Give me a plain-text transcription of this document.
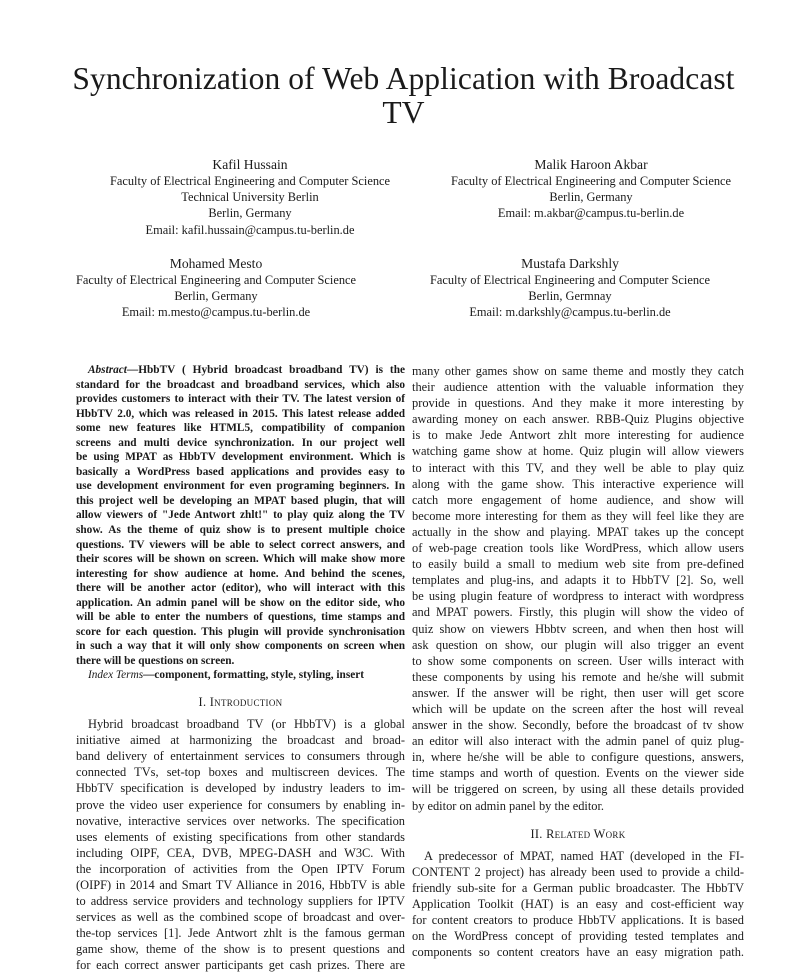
Synchronization of Web Application with Broadcast
TV
Kafil Hussain
Faculty of Electrical Engineering and Computer Science
Technical University Berlin
Berlin, Germany
Email: kafil.hussain@campus.tu-berlin.de
Malik Haroon Akbar
Faculty of Electrical Engineering and Computer Science
Berlin, Germany
Email: m.akbar@campus.tu-berlin.de
Mohamed Mesto
Faculty of Electrical Engineering and Computer Science
Berlin, Germany
Email: m.mesto@campus.tu-berlin.de
Mustafa Darkshly
Faculty of Electrical Engineering and Computer Science
Berlin, Germnay
Email: m.darkshly@campus.tu-berlin.de
Abstract—HbbTV ( Hybrid broadcast broadband TV) is the
standard for the broadcast and broadband services, which also
provides customers to interact with their TV. The latest version of
HbbTV 2.0, which was released in 2015. This latest release added
some new features like HTML5, compatibility of companion
screens and multi device synchronization. In our project well
be using MPAT as HbbTV development environment. Which is
basically a WordPress based applications and provides easy to
use development environment for even programing beginners. In
this project well be developing an MPAT based plugin, that will
allow viewers of "Jede Antwort zhlt!" to play quiz along the TV
show. As the theme of quiz show is to present multiple choice
questions. TV viewers will be able to select correct answers, and
their scores will be shown on screen. Which will make show more
interesting for show audience at home. And behind the scenes,
there will be another actor (editor), who will interact with this
application. An admin panel will be show on the editor side, who
will be able to enter the numbers of questions, time stamps and
score for each question. This plugin will provide synchronisation
in such a way that it will only show components on screen when
there will be questions on screen.
Index Terms—component, formatting, style, styling, insert
I. Introduction
Hybrid broadcast broadband TV (or HbbTV) is a global
initiative aimed at harmonizing the broadcast and broad-
band delivery of entertainment services to consumers through
connected TVs, set-top boxes and multiscreen devices. The
HbbTV specification is developed by industry leaders to im-
prove the video user experience for consumers by enabling in-
novative, interactive services over networks. The specification
uses elements of existing specifications from other standards
including OIPF, CEA, DVB, MPEG-DASH and W3C. With
the incorporation of activities from the Open IPTV Forum
(OIPF) in 2014 and Smart TV Alliance in 2016, HbbTV is able
to address service providers and technology suppliers for IPTV
services as well as the combined scope of broadcast and over-
the-top services [1]. Jede Antwort zhlt is the famous german
game show, theme of the show is to present questions and
for each correct answer participants get cash prizes. There are
many other games show on same theme and mostly they catch
their audience attention with the valuable information they
provide in questions. And they make it more interesting by
awarding money on each answer. RBB-Quiz Plugins objective
is to make Jede Antwort zhlt more interesting for audience
watching game show at home. Quiz plugin will allow viewers
to interact with this TV, and they well be able to play quiz
along with the game show. This interactive experience will
catch more engagement of home audience, and show will
become more interesting for them as they will feel like they are
actually in the show and playing. MPAT takes up the concept
of web-page creation tools like WordPress, which allow users
to easily build a small to medium web site from pre-defined
templates and plug-ins, and adapts it to HbbTV [2]. So, well
be using plugin feature of wordpress to interact with wordpress
and MPAT powers. Firstly, this plugin will show the video of
quiz show on viewers Hbbtv screen, and when then host will
ask question on show, our plugin will also trigger an event
to show some components on screen. User wills interact with
these components by using his remote and he/she will submit
answer. If the answer will be right, then user will get score
which will be update on the screen after the host will reveal
answer in the show. Secondly, before the broadcast of tv show
an editor will also interact with the admin panel of quiz plug-
in, where he/she will be able to configure questions, answers,
time stamps and worth of question. Events on the viewer side
will be triggered on screen, by using all these details provided
by editor on admin panel by the editor.
II. Related Work
A predecessor of MPAT, named HAT (developed in the FI-
CONTENT 2 project) has already been used to provide a child-
friendly sub-site for a German public broadcaster. The HbbTV
Application Toolkit (HAT) is an easy and cost-efficient way
for content creators to produce HbbTV applications. It is based
on the WordPress concept of providing tested templates and
components so content creators have an easy migration path.
